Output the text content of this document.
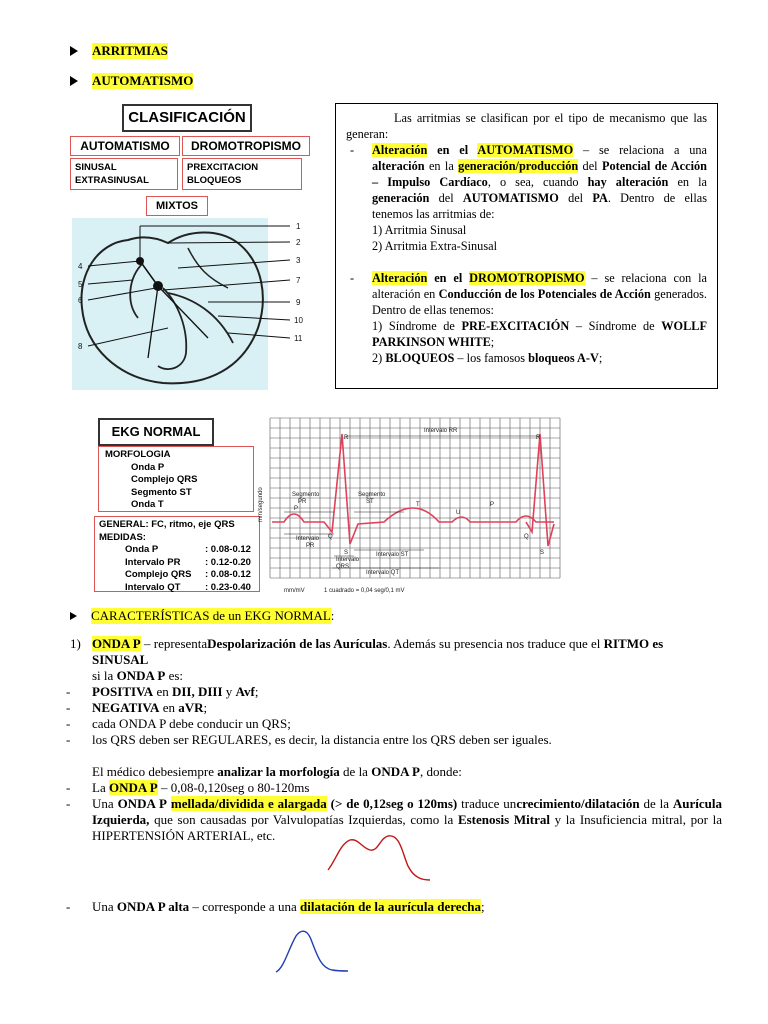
ARRITMIAS
AUTOMATISMO
CLASIFICACIÓN
AUTOMATISMO	DROMOTROPISMO
SINUSAL
EXTRASINUSAL
PREXCITACION
BLOQUEOS
MIXTOS
1
2
3
4
5
6
7
8
9
10
11
Las arritmias se clasifican por el tipo de mecanismo que las generan:
- Alteración en el AUTOMATISMO – se relaciona a una alteración en la generación/producción del Potencial de Acción – Impulso Cardíaco, o sea, cuando hay alteración en la generación del AUTOMATISMO del PA. Dentro de ellas tenemos las arritmias de:
1) Arritmia Sinusal
2) Arritmia Extra-Sinusal
- Alteración en el DROMOTROPISMO – se relaciona con la alteración en Conducción de los Potenciales de Acción generados. Dentro de ellas tenemos:
1) Síndrome de PRE-EXCITACIÓN – Síndrome de WOLLF PARKINSON WHITE;
2) BLOQUEOS – los famosos bloqueos A-V;
EKG NORMAL
MORFOLOGIA
Onda P
Complejo QRS
Segmento ST
Onda T
GENERAL: FC, ritmo, eje QRS
MEDIDAS:
Onda P	: 0.08-0.12
Intervalo PR	: 0.12-0.20
Complejo QRS	: 0.08-0.12
Intervalo QT	: 0.23-0.40
Intervalo RR
R	R
Segmento
PR
Segmento
ST
P
P
T
U
Q	Q
S	S
Intervalo
PR
Intervalo
QRS
Intervalo ST
Intervalo QT
mm/segundo
mm/mV	1 cuadrado = 0,04 seg/0,1 mV
CARACTERÍSTICAS de un EKG NORMAL :
1) ONDA P – representaDespolarización de las Aurículas. Además su presencia nos traduce que el RITMO es SINUSAL
si la ONDA P es:
- POSITIVA en DII, DIII y Avf;
- NEGATIVA en aVR;
- cada ONDA P debe conducir un QRS;
- los QRS deben ser REGULARES, es decir, la distancia entre los QRS deben ser iguales.
El médico debesiempre analizar la morfología de la ONDA P, donde:
- La ONDA P – 0,08-0,120seg o 80-120ms
- Una ONDA P mellada/dividida e alargada (> de 0,12seg o 120ms) traduce uncrecimiento/dilatación de la Aurícula Izquierda, que son causadas por Valvulopatías Izquierdas, como la Estenosis Mitral y la Insuficiencia mitral, por la HIPERTENSIÓN ARTERIAL, etc.
- Una ONDA P alta – corresponde a una dilatación de la aurícula derecha;
